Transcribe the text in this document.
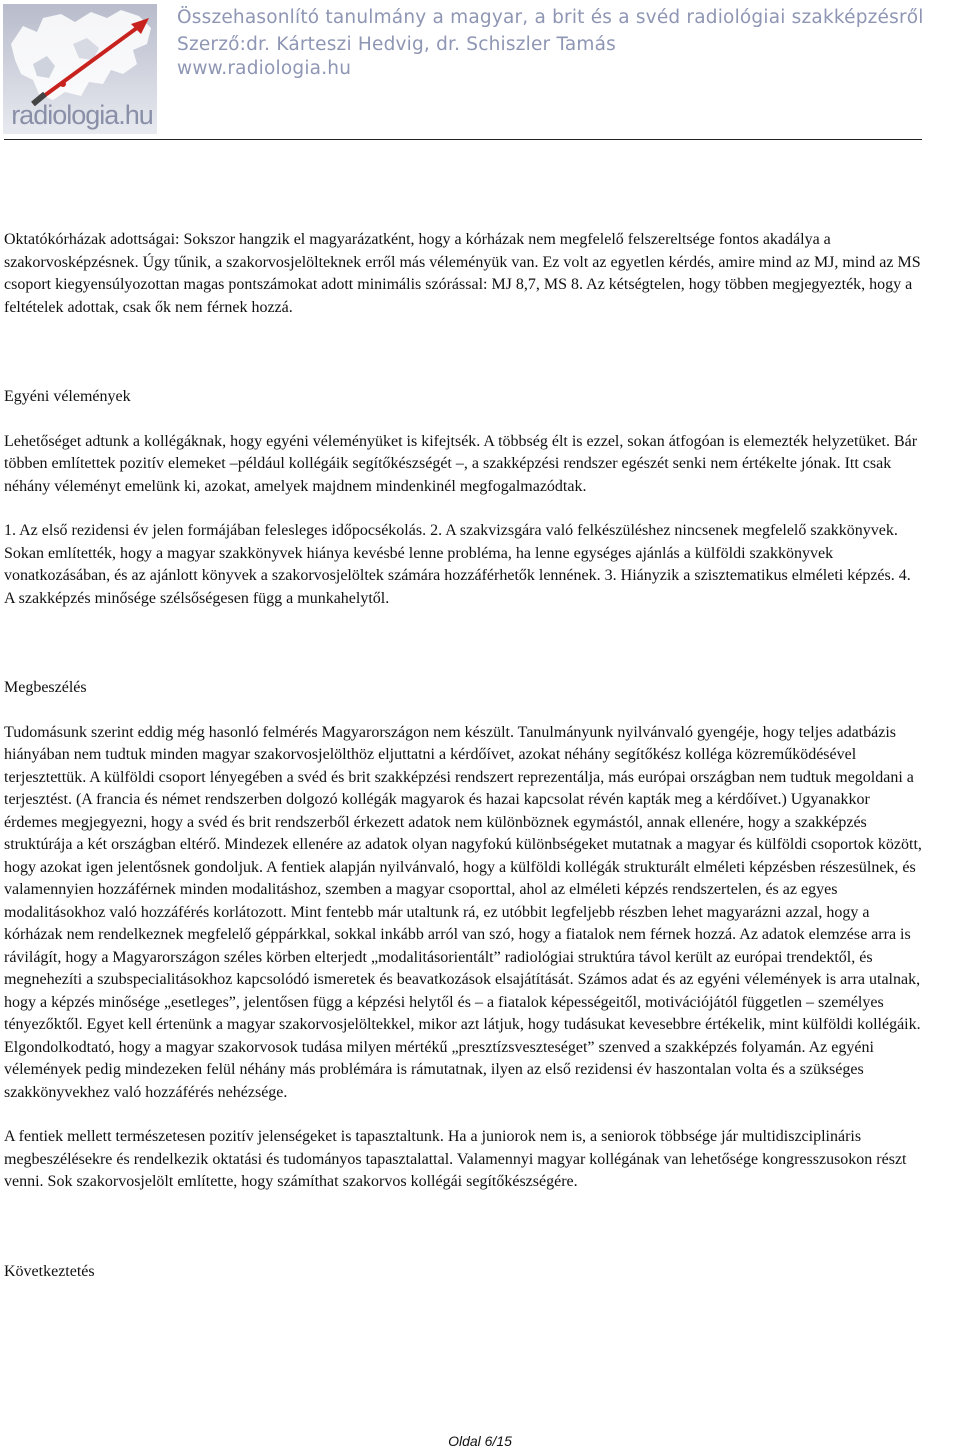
radiologia.hu
Összehasonlító tanulmány a magyar, a brit és a svéd radiológiai szakképzésről
Szerző:dr. Kárteszi Hedvig, dr. Schiszler Tamás
www.radiologia.hu

Oktatókórházak adottságai: Sokszor hangzik el magyarázatként, hogy a kórházak nem megfelelő felszereltsége fontos akadálya a szakorvosképzésnek. Úgy tűnik, a szakorvosjelölteknek erről más véleményük van. Ez volt az egyetlen kérdés, amire mind az MJ, mind az MS csoport kiegyensúlyozottan magas pontszámokat adott minimális szórással: MJ 8,7, MS 8. Az kétségtelen, hogy többen megjegyezték, hogy a feltételek adottak, csak ők nem férnek hozzá.

Egyéni vélemények

Lehetőséget adtunk a kollégáknak, hogy egyéni véleményüket is kifejtsék. A többség élt is ezzel, sokan átfogóan is elemezték helyzetüket. Bár többen említettek pozitív elemeket –például kollégáik segítőkészségét –, a szakképzési rendszer egészét senki nem értékelte jónak. Itt csak néhány véleményt emelünk ki, azokat, amelyek majdnem mindenkinél megfogalmazódtak.

1. Az első rezidensi év jelen formájában felesleges időpocsékolás. 2. A szakvizsgára való felkészüléshez nincsenek megfelelő szakkönyvek. Sokan említették, hogy a magyar szakkönyvek hiánya kevésbé lenne probléma, ha lenne egységes ajánlás a külföldi szakkönyvek vonatkozásában, és az ajánlott könyvek a szakorvosjelöltek számára hozzáférhetők lennének. 3. Hiányzik a szisztematikus elméleti képzés. 4. A szakképzés minősége szélsőségesen függ a munkahelytől.

Megbeszélés

Tudomásunk szerint eddig még hasonló felmérés Magyarországon nem készült. Tanulmányunk nyilvánvaló gyengéje, hogy teljes adatbázis hiányában nem tudtuk minden magyar szakorvosjelölthöz eljuttatni a kérdőívet, azokat néhány segítőkész kolléga közreműködésével terjesztettük. A külföldi csoport lényegében a svéd és brit szakképzési rendszert reprezentálja, más európai országban nem tudtuk megoldani a terjesztést. (A francia és német rendszerben dolgozó kollégák magyarok és hazai kapcsolat révén kapták meg a kérdőívet.) Ugyanakkor érdemes megjegyezni, hogy a svéd és brit rendszerből érkezett adatok nem különböznek egymástól, annak ellenére, hogy a szakképzés struktúrája a két országban eltérő. Mindezek ellenére az adatok olyan nagyfokú különbségeket mutatnak a magyar és külföldi csoportok között, hogy azokat igen jelentősnek gondoljuk. A fentiek alapján nyilvánvaló, hogy a külföldi kollégák strukturált elméleti képzésben részesülnek, és valamennyien hozzáférnek minden modalitáshoz, szemben a magyar csoporttal, ahol az elméleti képzés rendszertelen, és az egyes modalitásokhoz való hozzáférés korlátozott. Mint fentebb már utaltunk rá, ez utóbbit legfeljebb részben lehet magyarázni azzal, hogy a kórházak nem rendelkeznek megfelelő géppárkkal, sokkal inkább arról van szó, hogy a fiatalok nem férnek hozzá. Az adatok elemzése arra is rávilágít, hogy a Magyarországon széles körben elterjedt „modalitásorientált” radiológiai struktúra távol került az európai trendektől, és megnehezíti a szubspecialitásokhoz kapcsolódó ismeretek és beavatkozások elsajátítását. Számos adat és az egyéni vélemények is arra utalnak, hogy a képzés minősége „esetleges”, jelentősen függ a képzési helytől és – a fiatalok képességeitől, motivációjától független – személyes tényezőktől. Egyet kell értenünk a magyar szakorvosjelöltekkel, mikor azt látjuk, hogy tudásukat kevesebbre értékelik, mint külföldi kollégáik. Elgondolkodtató, hogy a magyar szakorvosok tudása milyen mértékű „presztízsveszteséget” szenved a szakképzés folyamán. Az egyéni vélemények pedig mindezeken felül néhány más problémára is rámutatnak, ilyen az első rezidensi év haszontalan volta és a szükséges szakkönyvekhez való hozzáférés nehézsége.

A fentiek mellett természetesen pozitív jelenségeket is tapasztaltunk. Ha a juniorok nem is, a seniorok többsége jár multidiszciplináris megbeszélésekre és rendelkezik oktatási és tudományos tapasztalattal. Valamennyi magyar kollégának van lehetősége kongresszusokon részt venni. Sok szakorvosjelölt említette, hogy számíthat szakorvos kollégái segítőkészségére.

Következtetés

Oldal 6/15
